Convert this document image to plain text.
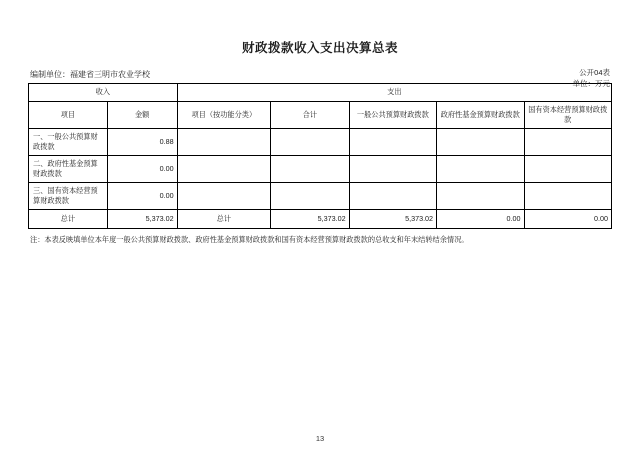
财政拨款收入支出决算总表
公开04表
单位：万元
编制单位：福建省三明市农业学校
收入		支出				
项目	金额	项目（按功能分类）	合计	一般公共预算财政拨款	政府性基金预算财政拨款	国有资本经营预算财政拨款
一、一般公共预算财政拨款	0.88					
二、政府性基金预算财政拨款	0.00					
三、国有资本经营预算财政拨款	0.00					
总计	5,373.02	总计	5,373.02	5,373.02	0.00	0.00
注：本表反映填单位本年度一般公共预算财政拨款、政府性基金预算财政拨款和国有资本经营预算财政拨款的总收支和年末结转结余情况。
13
